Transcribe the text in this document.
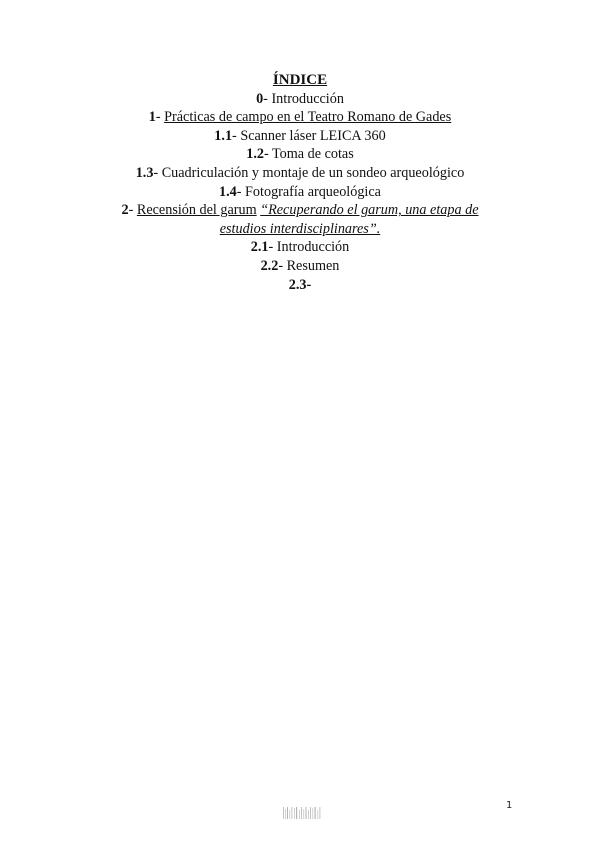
ÍNDICE
0- Introducción
1- Prácticas de campo en el Teatro Romano de Gades
1.1- Scanner láser LEICA 360
1.2- Toma de cotas
1.3- Cuadriculación y montaje de un sondeo arqueológico
1.4- Fotografía arqueológica
2- Recensión del garum “Recuperando el garum, una etapa de estudios interdisciplinares”.
2.1- Introducción
2.2- Resumen
2.3-
1
